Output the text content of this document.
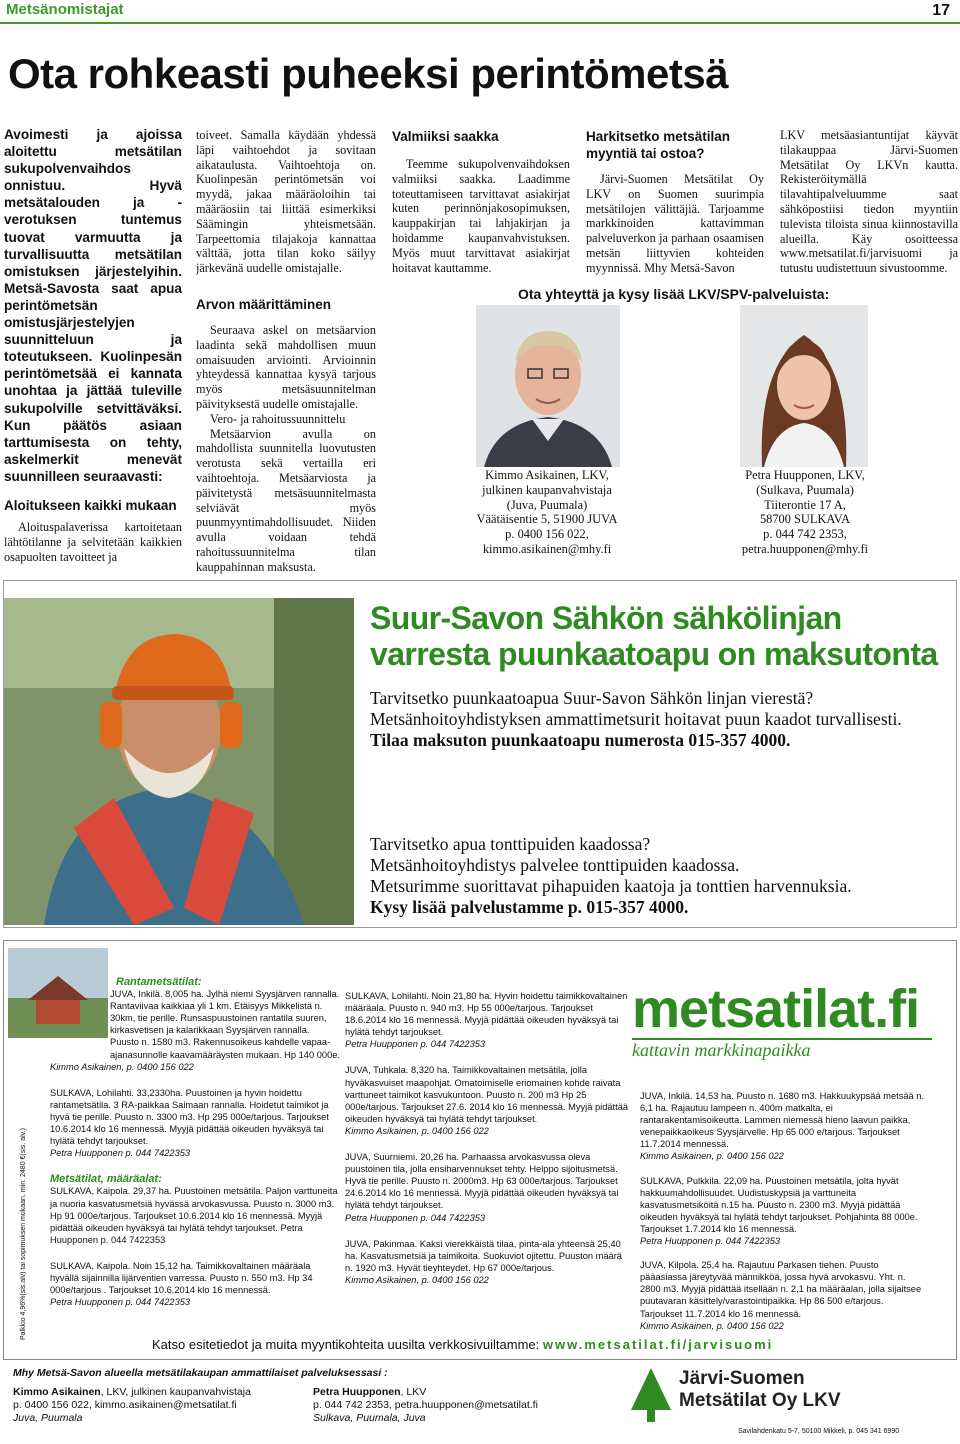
Metsänomistajat	17
Ota rohkeasti puheeksi perintömetsä
Avoimesti ja ajoissa aloitettu metsätilan sukupolvenvaihdos onnistuu. Hyvä metsätalouden ja -verotuksen tuntemus tuovat varmuutta ja turvallisuutta metsätilan omistuksen järjestelyihin. Metsä-Savosta saat apua perintömetsän omistusjärjestelyjen suunnitteluun ja toteutukseen. Kuolinpesän perintömetsää ei kannata unohtaa ja jättää tuleville sukupolville setvittäväksi. Kun päätös asiaan tarttumisesta on tehty, askelmerkit menevät suunnilleen seuraavasti:
Aloitukseen kaikki mukaan
Aloituspalaverissa kartoitetaan lähtötilanne ja selvitetään kaikkien osapuolten tavoitteet ja
toiveet. Samalla käydään yhdessä läpi vaihtoehdot ja sovitaan aikataulusta. Vaihtoehtoja on. Kuolinpesän perintömetsän voi myydä, jakaa määräoloihin tai määräosiin tai liittää esimerkiksi Säämingin yhteismetsään. Tarpeettomia tilajakoja kannattaa välttää, jotta tilan koko säilyy järkevänä uudelle omistajalle.
Arvon määrittäminen
Seuraava askel on metsäarvion laadinta sekä mahdollisen muun omaisuuden arviointi. Arvioinnin yhteydessä kannattaa kysyä tarjous myös metsäsuunnitelman päivityksestä uudelle omistajalle.
Vero- ja rahoitussuunnittelu
Metsäarvion avulla on mahdollista suunnitella luovutusten verotusta sekä vertailla eri vaihtoehtoja. Metsäarviosta ja päivitetystä metsäsuunnitelmasta selviävät myös puunmyyntimahdollisuudet. Niiden avulla voidaan tehdä rahoitussuunnitelma tilan kauppahinnan maksusta.
Valmiiksi saakka
Teemme sukupolvenvaihdoksen valmiiksi saakka. Laadimme toteuttamiseen tarvittavat asiakirjat kuten perinnönjakosopimuksen, kauppakirjan tai lahjakirjan ja hoidamme kaupanvahvistuksen. Myös muut tarvittavat asiakirjat hoitavat kauttamme.
Harkitsetko metsätilan myyntiä tai ostoa?
Järvi-Suomen Metsätilat Oy LKV on Suomen suurimpia metsätilojen välittäjiä. Tarjoamme markkinoiden kattavimman palveluverkon ja parhaan osaamisen metsän liittyvien kohteiden myynnissä. Mhy Metsä-Savon
LKV metsäasiantuntijat käyvät tilakauppaa Järvi-Suomen Metsätilat Oy LKVn kautta. Rekisteröitymällä tilavahtipalveluumme saat sähköpostiisi tiedon myyntiin tulevista tiloista sinua kiinnostavilla alueilla. Käy osoitteessa www.metsatilat.fi/jarvisuomi ja tutustu uudistettuun sivustoomme.
Ota yhteyttä ja kysy lisää LKV/SPV-palveluista:
Kimmo Asikainen, LKV,
julkinen kaupanvahvistaja
(Juva, Puumala)
Väätäisentie 5, 51900 JUVA
p. 0400 156 022,
kimmo.asikainen@mhy.fi
Petra Huupponen, LKV,
(Sulkava, Puumala)
Tiiterontie 17 A,
58700 SULKAVA
p. 044 742 2353,
petra.huupponen@mhy.fi
Suur-Savon Sähkön sähkölinjan
varresta puunkaatoapu on maksutonta
Tarvitsetko puunkaatoapua Suur-Savon Sähkön linjan vierestä?
Metsänhoitoyhdistyksen ammattimetsurit hoitavat puun kaadot turvallisesti.
Tilaa maksuton puunkaatoapu numerosta 015-357 4000.
Tarvitsetko apua tonttipuiden kaadossa?
Metsänhoitoyhdistys palvelee tonttipuiden kaadossa.
Metsurimme suorittavat pihapuiden kaatoja ja tonttien harvennuksia.
Kysy lisää palvelustamme p. 015-357 4000.
Palkkio 4,96%(sis.alv) tai sopimuksen mukaan, min. 2480 €(sis. alv.)
Rantametsätilat:
JUVA, Inkilä. 8,005 ha. Jylhä niemi Syysjärven rannalla. Rantaviivaa kaikkiaa yli 1 km. Etäisyys Mikkelistä n. 30km, tie perille. Runsaspuustoinen rantatila suuren, kirkasvetisen ja kalarikkaan Syysjärven rannalla. Puusto n. 1580 m3. Rakennusoikeus kahdelle vapaa-ajanasunnolle kaavamääräysten mukaan. Hp 140 000e.
Kimmo Asikainen, p. 0400 156 022
SULKAVA, Lohilahti. 33,2330ha. Puustoinen ja hyvin hoidettu rantametsätila. 3 RA-paikkaa Saimaan rannalla. Hoidetut taimikot ja hyvä tie perille. Puusto n. 3300 m3. Hp 295 000e/tarjous. Tarjoukset 10.6.2014 klo 16 mennessä. Myyjä pidättää oikeuden hyväksyä tai hylätä tehdyt tarjoukset.
Petra Huupponen p. 044 7422353
Metsätilat, määräalat:
SULKAVA, Kaipola. 29,37 ha. Puustoinen metsätila. Paljon varttuneita ja nuoria kasvatusmetsiä hyvässä arvokasvussa. Puusto n. 3000 m3. Hp 91 000e/tarjous. Tarjoukset 10.6.2014 klo 16 mennessä. Myyjä pidättää oikeuden hyväksyä tai hylätä tehdyt tarjoukset. Petra Huupponen p. 044 7422353
SULKAVA, Kaipola. Noin 15,12 ha. Taimikkovaltainen määräala hyvällä sijainnilla lijärventien varressa. Puusto n. 550 m3. Hp 34 000e/tarjous . Tarjoukset 10.6.2014 klo 16 mennessä.
Petra Huupponen p. 044 7422353
SULKAVA, Lohilahti. Noin 21,80 ha. Hyvin hoidettu taimikkovaltainen määräala. Puusto n. 940 m3. Hp 55 000e/tarjous. Tarjoukset 18.6.2014 klo 16 mennessä. Myyjä pidättää oikeuden hyväksyä tai hylätä tehdyt tarjoukset.
Petra Huupponen p. 044 7422353
JUVA, Tuhkala. 8,320 ha. Taimikkovaltainen metsätila, jolla hyväkasvuiset maapohjat. Omatoimiselle eriomainen kohde raivata varttuneet taimikot kasvukuntoon. Puusto n. 200 m3 Hp 25 000e/tarjous. Tarjoukset 27.6. 2014 klo 16 mennessä. Myyjä pidättää oikeuden hyväksyä tai hylätä tehdyt tarjoukset.
Kimmo Asikainen, p. 0400 156 022
JUVA, Suurniemi. 20,26 ha. Parhaassa arvokasvussa oleva puustoinen tila, jolla ensiharvennukset tehty. Helppo sijoitusmetsä. Hyvä tie perille. Puusto n. 2000m3. Hp 63 000e/tarjous. Tarjoukset 24.6.2014 klo 16 mennessä. Myyjä pidättää oikeuden hyväksyä tai hylätä tehdyt tarjoukset.
Petra Huupponen p. 044 7422353
JUVA, Pakinmaa. Kaksi vierekkäistä tilaa, pinta-ala yhteensä 25,40 ha. Kasvatusmetsiä ja taimikoita. Suokuviot ojitettu. Puuston määrä n. 1920 m3. Hyvät tieyhteydet. Hp 67 000e/tarjous.
Kimmo Asikainen, p. 0400 156 022
metsatilat.fi
kattavin markkinapaikka
JUVA, Inkilä. 14,53 ha. Puusto n. 1680 m3. Hakkuukypsää metsää n. 6,1 ha. Rajautuu lampeen n. 400m matkalta, ei rantarakentamisoikeutta. Lammen niemessä hieno laavun paikka, venepaikkaoikeus Syysjärvelle. Hp 65 000 e/tarjous. Tarjoukset 11.7.2014 mennessä.
Kimmo Asikainen, p. 0400 156 022
SULKAVA, Pulkkila. 22,09 ha. Puustoinen metsätila, jolta hyvät hakkuumahdollisuudet. Uudistuskypsiä ja varttuneita kasvatusmetsiköitä n.15 ha. Puusto n. 2300 m3. Myyjä pidättää oikeuden hyväksyä tai hylätä tehdyt tarjoukset. Pohjahinta 88 000e. Tarjoukset 1.7.2014 klo 16 mennessä.
Petra Huupponen p. 044 7422353
JUVA, Kilpola. 25,4 ha. Rajautuu Parkasen tiehen. Puusto pääasiassa järeytyvää männikköä, jossa hyvä arvokasvu. Yht. n. 2800 m3. Myyjä pidättää itsellään n. 2,1 ha määräalan, jolla sijaitsee puutavaran käsittely/varastointipaikka. Hp 86 500 e/tarjous. Tarjoukset 11.7.2014 klo 16 mennessä.
Kimmo Asikainen, p. 0400 156 022
Katso esitetiedot ja muita myyntikohteita uusilta verkkosivuiltamme: www.metsatilat.fi/jarvisuomi
Mhy Metsä-Savon alueella metsätilakaupan ammattilaiset palveluksessasi :
Kimmo Asikainen, LKV, julkinen kaupanvahvistaja
p. 0400 156 022, kimmo.asikainen@metsatilat.fi
Juva, Puumala
Petra Huupponen, LKV
p. 044 742 2353, petra.huupponen@metsatilat.fi
Sulkava, Puumala, Juva
Järvi-Suomen
Metsätilat Oy LKV
Savilahdenkatu 5-7, 50100 Mikkeli, p. 045 341 6990
